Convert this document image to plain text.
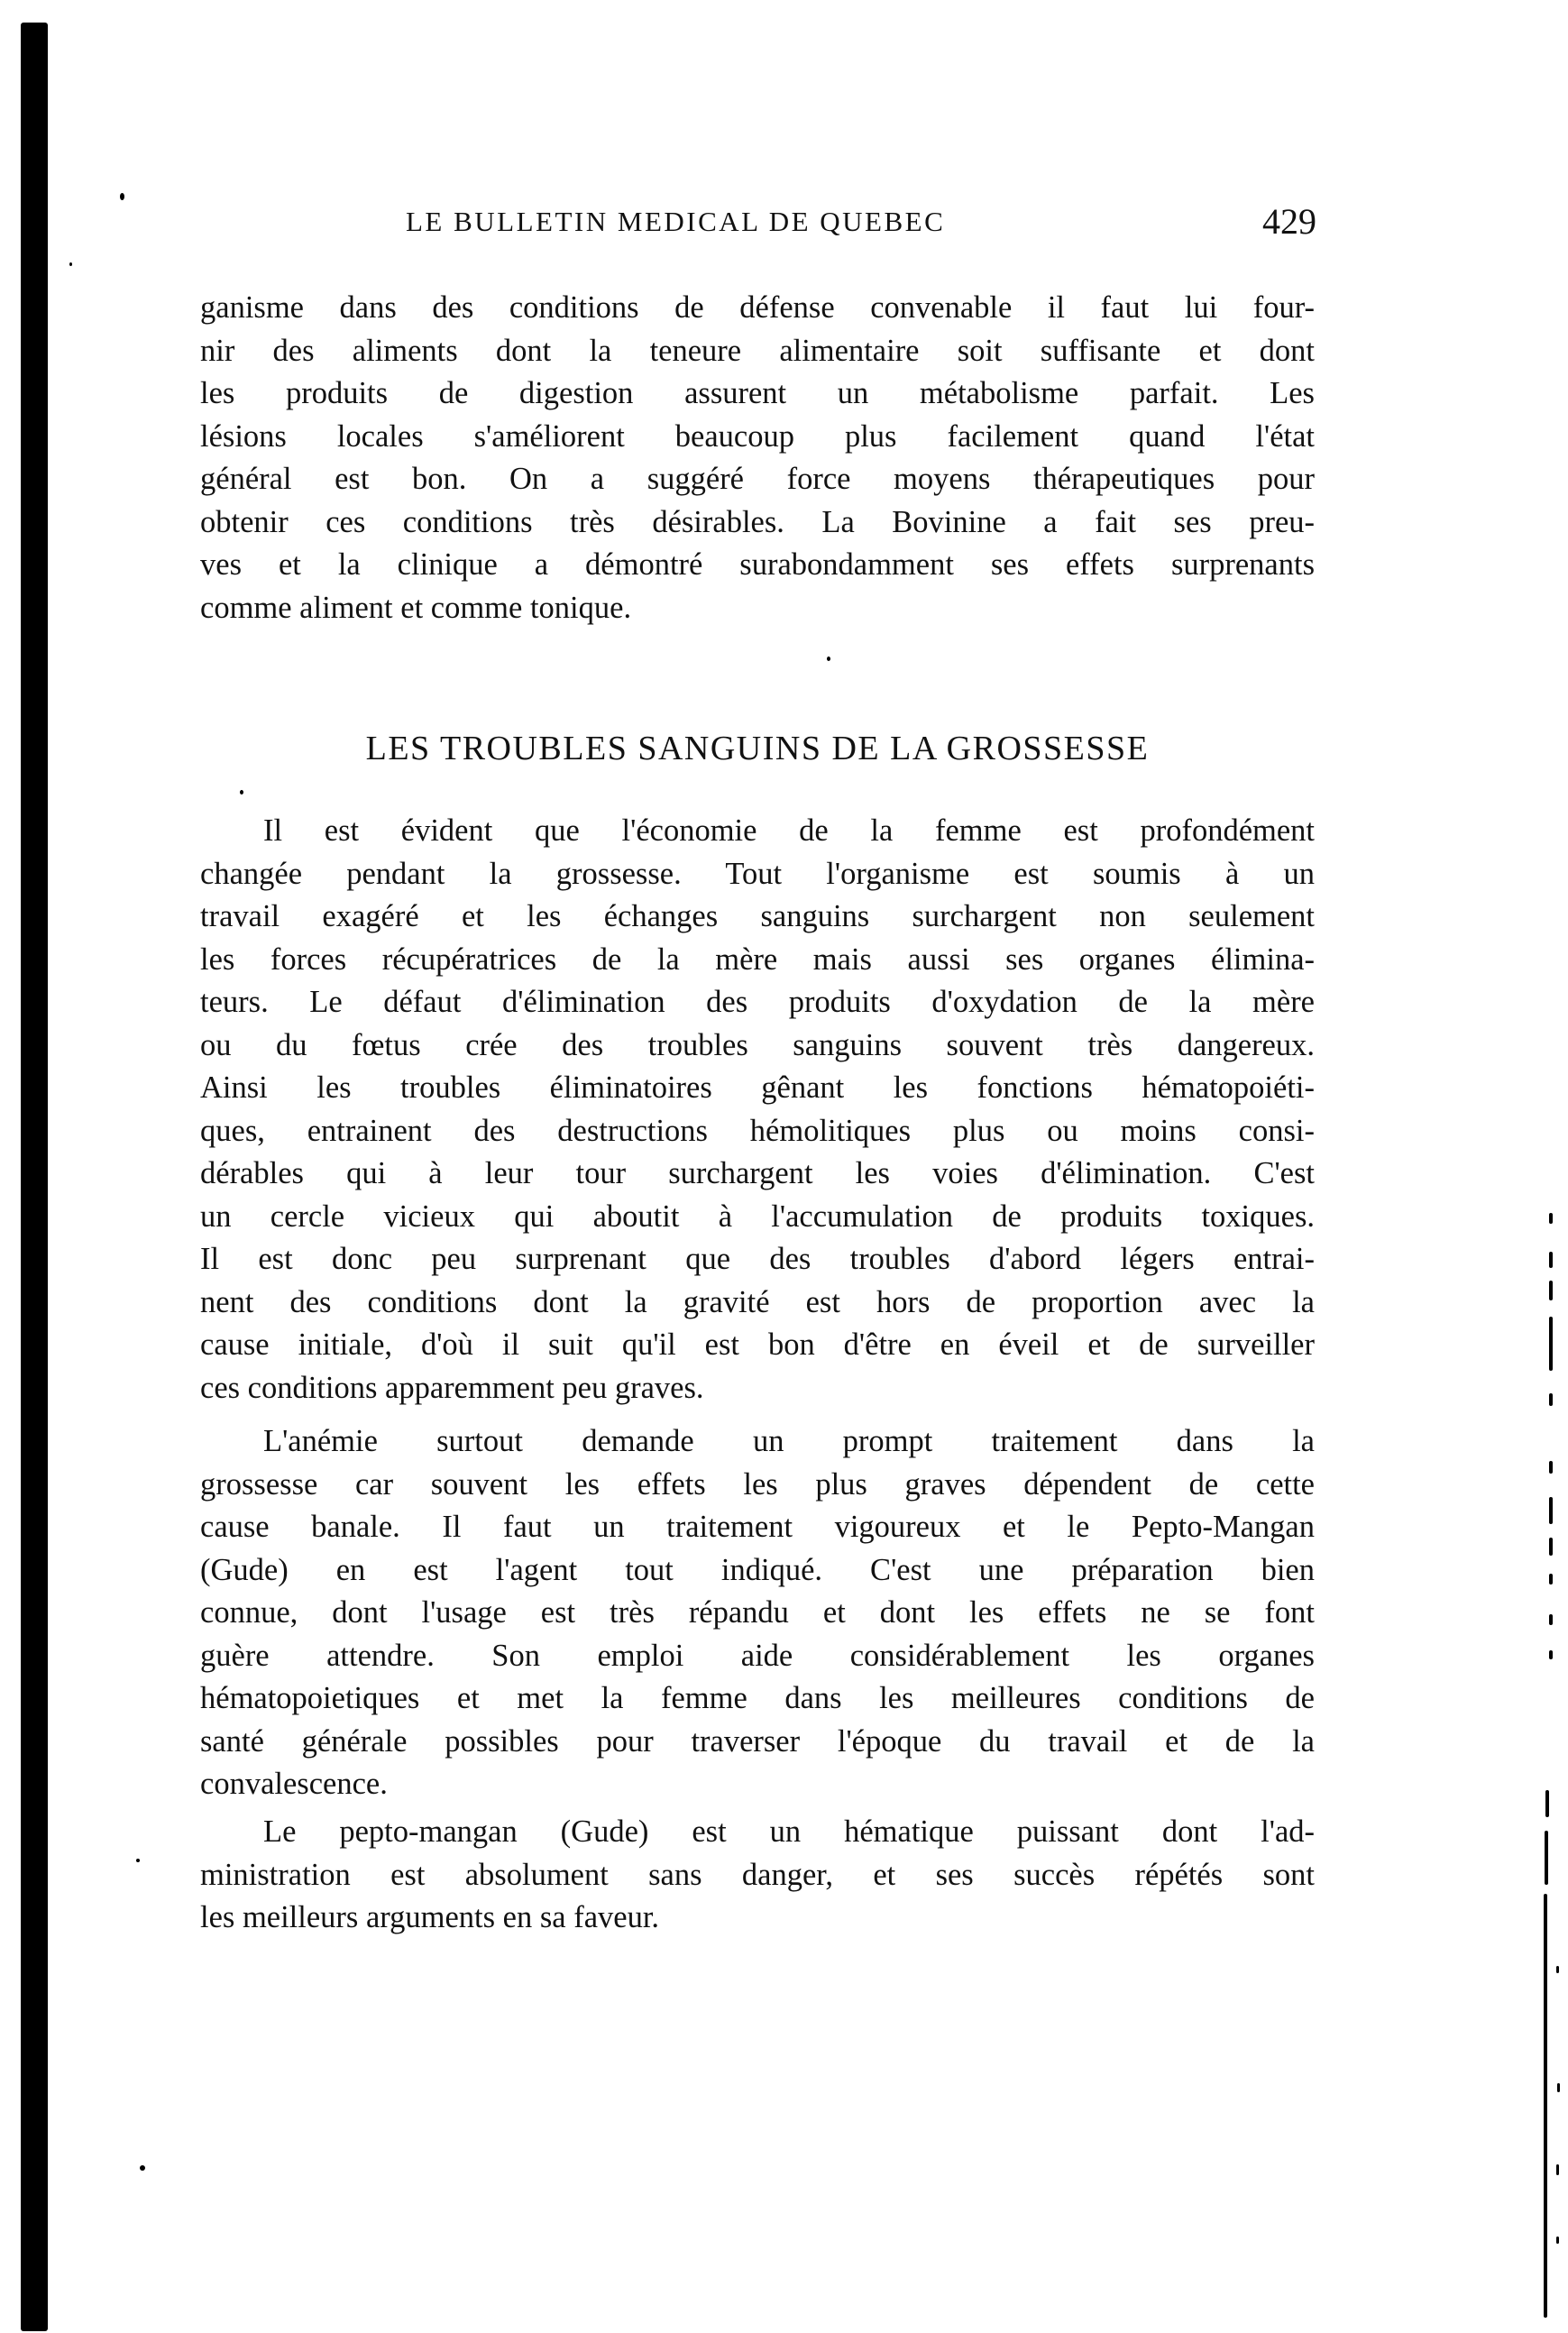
LE BULLETIN MEDICAL DE QUEBEC	429
ganisme dans des conditions de défense convenable il faut lui four-
nir des aliments dont la teneure alimentaire soit suffisante et dont
les produits de digestion assurent un métabolisme parfait. Les
lésions locales s'améliorent beaucoup plus facilement quand l'état
général est bon. On a suggéré force moyens thérapeutiques pour
obtenir ces conditions très désirables. La Bovinine a fait ses preu-
ves et la clinique a démontré surabondamment ses effets surprenants
comme aliment et comme tonique.
LES TROUBLES SANGUINS DE LA GROSSESSE
Il est évident que l'économie de la femme est profondément
changée pendant la grossesse. Tout l'organisme est soumis à un
travail exagéré et les échanges sanguins surchargent non seulement
les forces récupératrices de la mère mais aussi ses organes élimina-
teurs. Le défaut d'élimination des produits d'oxydation de la mère
ou du fœtus crée des troubles sanguins souvent très dangereux.
Ainsi les troubles éliminatoires gênant les fonctions hématopoiéti-
ques, entrainent des destructions hémolitiques plus ou moins consi-
dérables qui à leur tour surchargent les voies d'élimination. C'est
un cercle vicieux qui aboutit à l'accumulation de produits toxiques.
Il est donc peu surprenant que des troubles d'abord légers entrai-
nent des conditions dont la gravité est hors de proportion avec la
cause initiale, d'où il suit qu'il est bon d'être en éveil et de surveiller
ces conditions apparemment peu graves.
L'anémie surtout demande un prompt traitement dans la
grossesse car souvent les effets les plus graves dépendent de cette
cause banale. Il faut un traitement vigoureux et le Pepto-Mangan
(Gude) en est l'agent tout indiqué. C'est une préparation bien
connue, dont l'usage est très répandu et dont les effets ne se font
guère attendre. Son emploi aide considérablement les organes
hématopoietiques et met la femme dans les meilleures conditions de
santé générale possibles pour traverser l'époque du travail et de la
convalescence.
Le pepto-mangan (Gude) est un hématique puissant dont l'ad-
ministration est absolument sans danger, et ses succès répétés sont
les meilleurs arguments en sa faveur.
